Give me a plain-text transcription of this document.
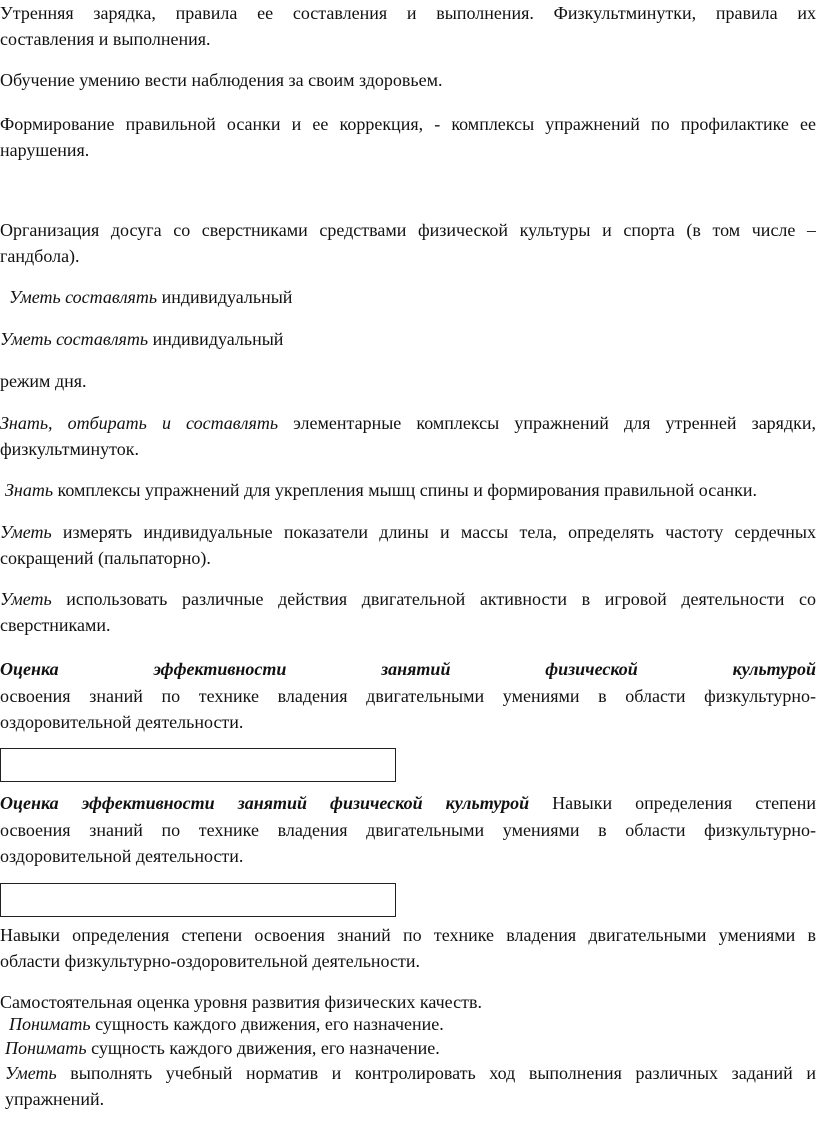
Утренняя зарядка, правила ее составления и выполнения. Физкультминутки, правила их
составления и выполнения.
Обучение умению вести наблюдения за своим здоровьем.
Формирование правильной осанки и ее коррекция, - комплексы упражнений по профилактике ее
нарушения.
Организация досуга со сверстниками средствами физической культуры и спорта (в том числе –
гандбола).
Уметь составлять индивидуальный
Уметь составлять индивидуальный
режим дня.
Знать, отбирать и составлять элементарные комплексы упражнений для утренней зарядки,
физкультминуток.
Знать комплексы упражнений для укрепления мышц спины и формирования правильной осанки.
Уметь измерять индивидуальные показатели длины и массы тела, определять частоту сердечных
сокращений (пальпаторно).
Уметь использовать различные действия двигательной активности в игровой деятельности со
сверстниками.
Оценка эффективности занятий физической культурой
освоения знаний по технике владения двигательными умениями в области физкультурно-
оздоровительной деятельности.
Оценка эффективности занятий физической культурой Навыки определения степени
освоения знаний по технике владения двигательными умениями в области физкультурно-
оздоровительной деятельности.
Навыки определения степени освоения знаний по технике владения двигательными умениями в
области физкультурно-оздоровительной деятельности.
Самостоятельная оценка уровня развития физических качеств.
Понимать сущность каждого движения, его назначение.
Понимать сущность каждого движения, его назначение.
Уметь выполнять учебный норматив и контролировать ход выполнения различных заданий и
упражнений.
